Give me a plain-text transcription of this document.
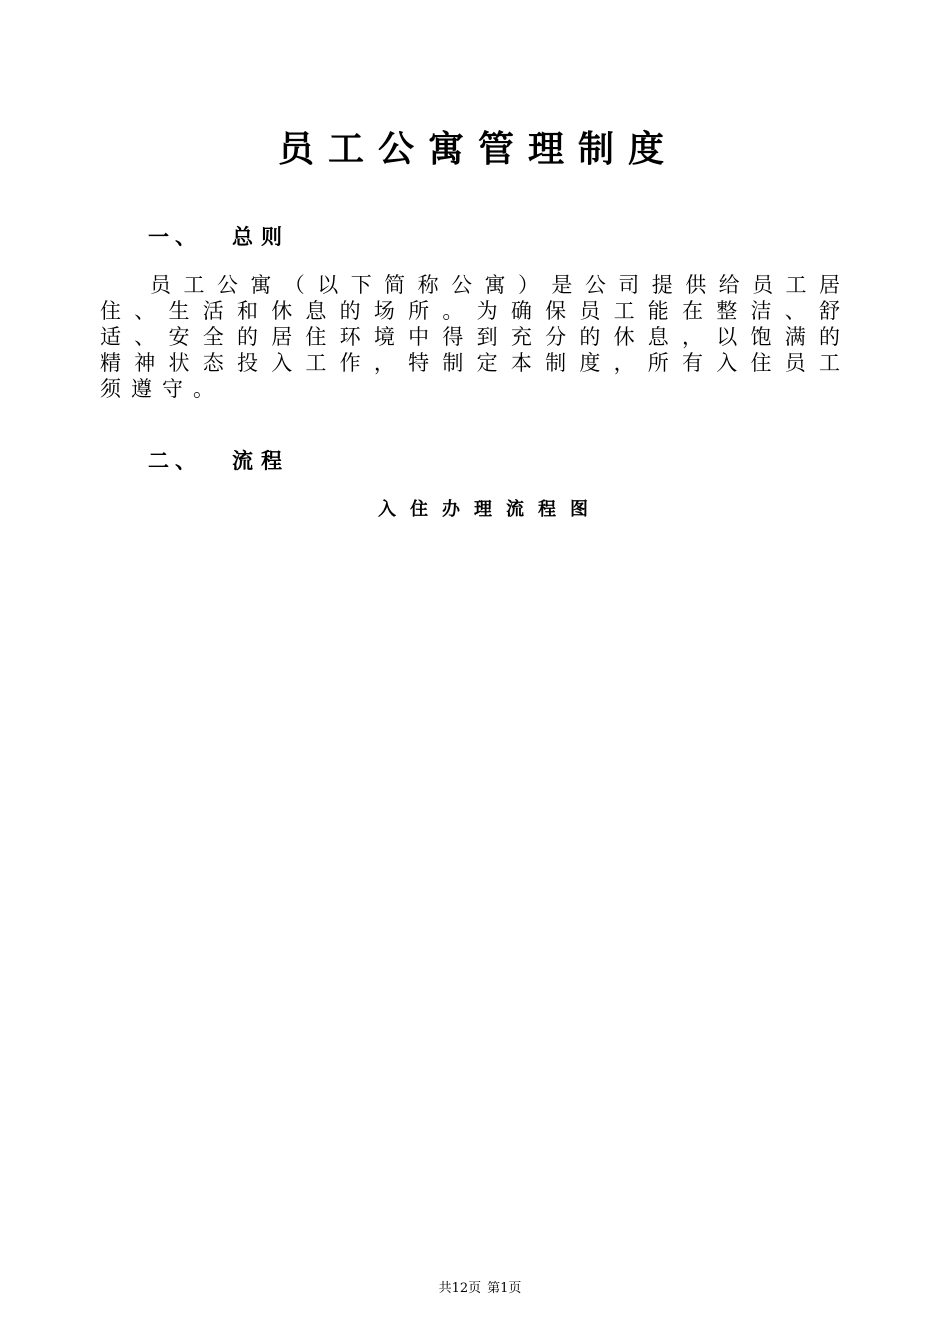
员工公寓管理制度
一、 总则
员 工 公 寓 （ 以 下 简 称 公 寓 ） 是 公 司 提 供 给 员 工 居
住 、 生 活 和 休 息 的 场 所 。 为 确 保 员 工 能 在 整 洁 、 舒
适 、 安 全 的 居 住 环 境 中 得 到 充 分 的 休 息 ， 以 饱 满 的
精 神 状 态 投 入 工 作 ， 特 制 定 本 制 度 ， 所 有 入 住 员 工
须遵守。
二、 流程
入住办理流程图
共12页 第1页
